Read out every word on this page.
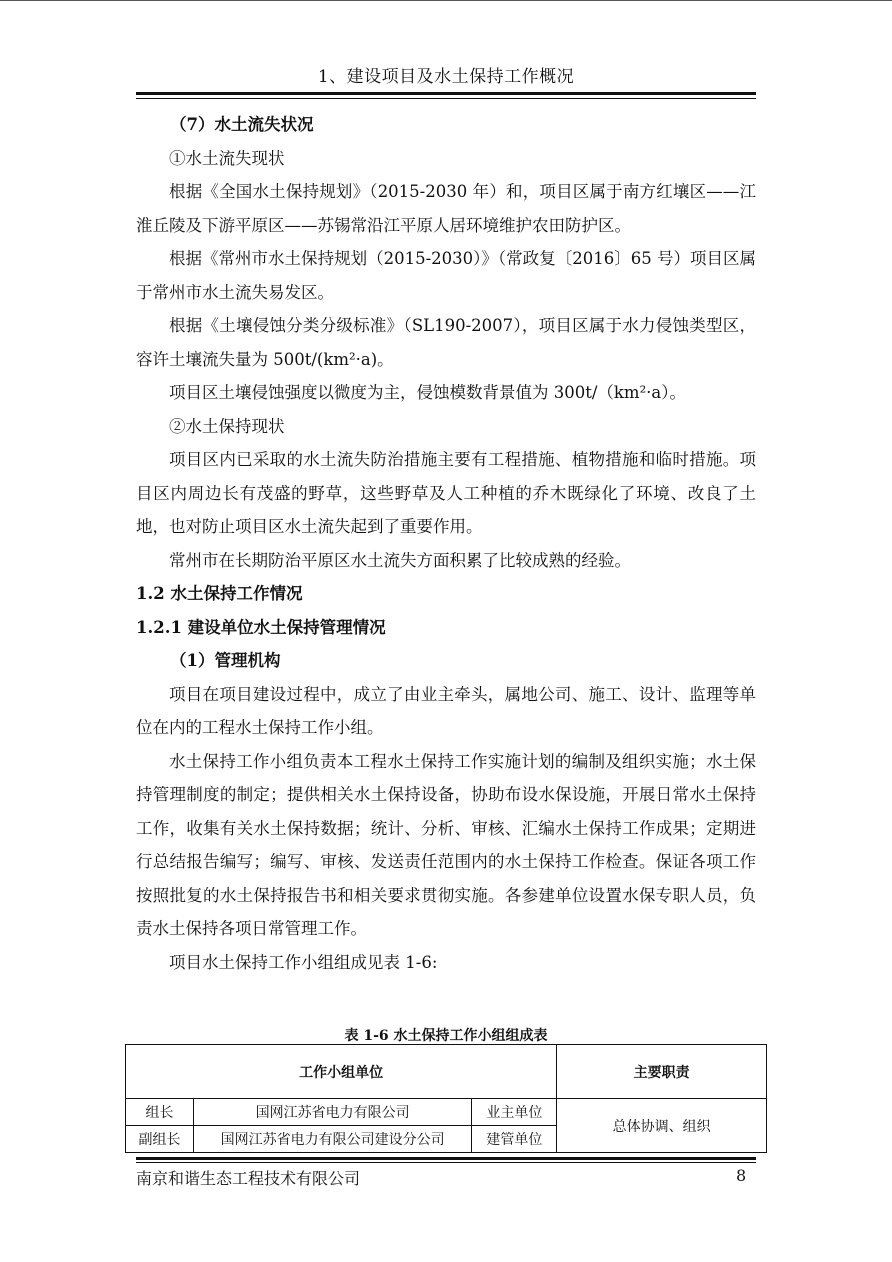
1、建设项目及水土保持工作概况

（7）水土流失状况

①水土流失现状

根据《全国水土保持规划》（2015-2030 年）和，项目区属于南方红壤区——江淮丘陵及下游平原区——苏锡常沿江平原人居环境维护农田防护区。

根据《常州市水土保持规划（2015-2030）》（常政复〔2016〕65 号）项目区属于常州市水土流失易发区。

根据《土壤侵蚀分类分级标准》（SL190-2007），项目区属于水力侵蚀类型区，容许土壤流失量为 500t/(km²·a)。

项目区土壤侵蚀强度以微度为主，侵蚀模数背景值为 300t/（km²·a）。

②水土保持现状

项目区内已采取的水土流失防治措施主要有工程措施、植物措施和临时措施。项目区内周边长有茂盛的野草，这些野草及人工种植的乔木既绿化了环境、改良了土地，也对防止项目区水土流失起到了重要作用。

常州市在长期防治平原区水土流失方面积累了比较成熟的经验。

1.2 水土保持工作情况

1.2.1 建设单位水土保持管理情况

（1）管理机构

项目在项目建设过程中，成立了由业主牵头，属地公司、施工、设计、监理等单位在内的工程水土保持工作小组。

水土保持工作小组负责本工程水土保持工作实施计划的编制及组织实施；水土保持管理制度的制定；提供相关水土保持设备，协助布设水保设施，开展日常水土保持工作，收集有关水土保持数据；统计、分析、审核、汇编水土保持工作成果；定期进行总结报告编写；编写、审核、发送责任范围内的水土保持工作检查。保证各项工作按照批复的水土保持报告书和相关要求贯彻实施。各参建单位设置水保专职人员，负责水土保持各项日常管理工作。

项目水土保持工作小组组成见表 1-6:

表 1-6 水土保持工作小组组成表
工作小组单位			主要职责
组长	国网江苏省电力有限公司	业主单位	总体协调、组织
副组长	国网江苏省电力有限公司建设分公司	建管单位	
南京和谐生态工程技术有限公司	8
